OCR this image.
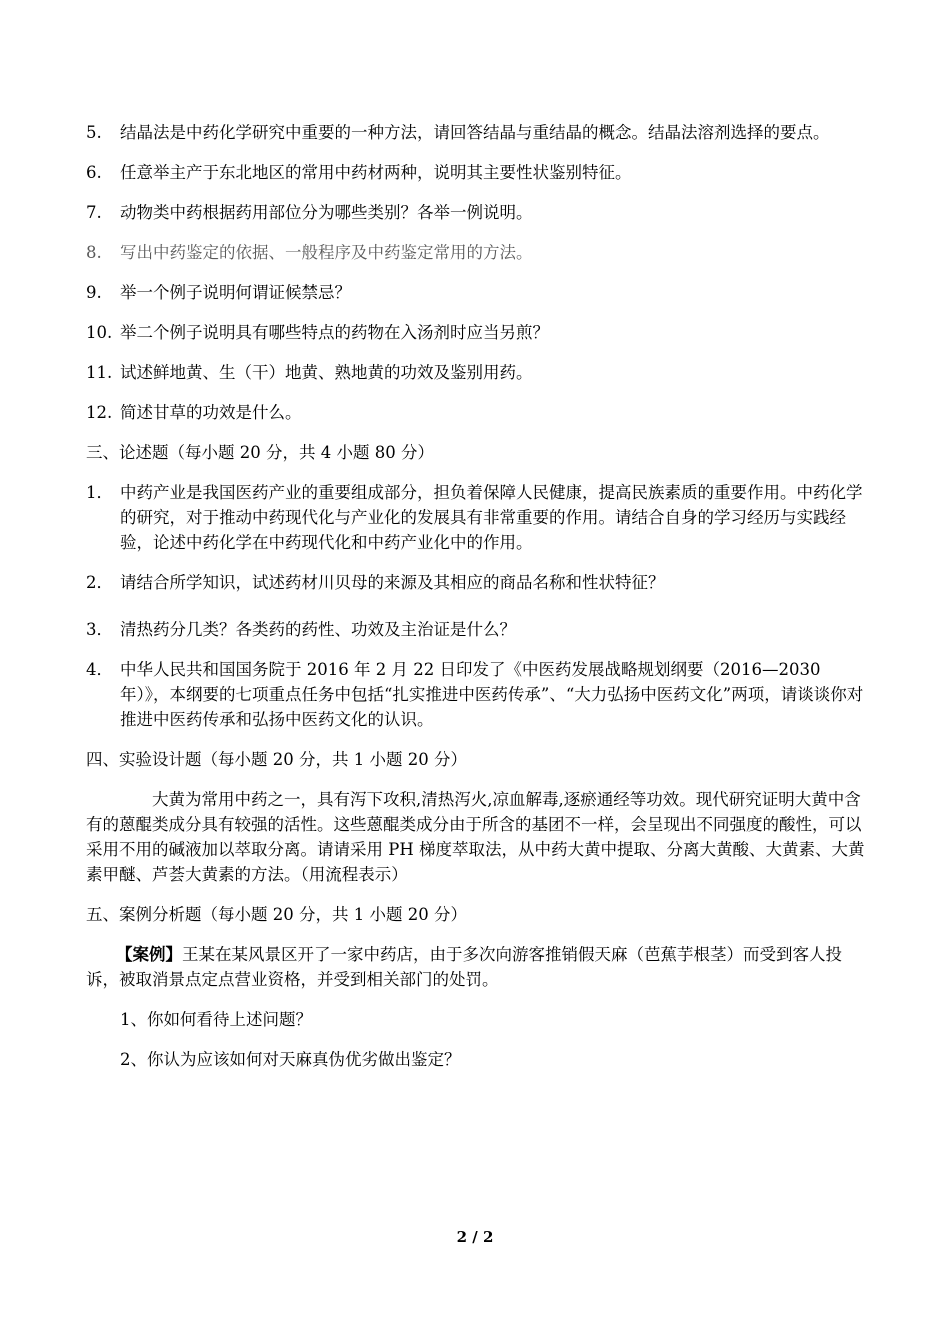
5. 结晶法是中药化学研究中重要的一种方法，请回答结晶与重结晶的概念。结晶法溶剂选择的要点。

6. 任意举主产于东北地区的常用中药材两种，说明其主要性状鉴别特征。

7. 动物类中药根据药用部位分为哪些类别？各举一例说明。

8. 写出中药鉴定的依据、一般程序及中药鉴定常用的方法。

9. 举一个例子说明何谓证候禁忌？

10. 举二个例子说明具有哪些特点的药物在入汤剂时应当另煎？

11. 试述鲜地黄、生（干）地黄、熟地黄的功效及鉴别用药。

12. 简述甘草的功效是什么。

三、论述题（每小题 20 分，共 4 小题 80 分）

1． 中药产业是我国医药产业的重要组成部分，担负着保障人民健康，提高民族素质的重要作用。中药化学的研究，对于推动中药现代化与产业化的发展具有非常重要的作用。请结合自身的学习经历与实践经验，论述中药化学在中药现代化和中药产业化中的作用。

2． 请结合所学知识，试述药材川贝母的来源及其相应的商品名称和性状特征？

3． 清热药分几类？各类药的药性、功效及主治证是什么？

4． 中华人民共和国国务院于 2016 年 2 月 22 日印发了《中医药发展战略规划纲要（2016—2030 年）》，本纲要的七项重点任务中包括“扎实推进中医药传承”、“大力弘扬中医药文化”两项，请谈谈你对推进中医药传承和弘扬中医药文化的认识。

四、实验设计题（每小题 20 分，共 1 小题 20 分）

大黄为常用中药之一，具有泻下攻积,清热泻火,凉血解毒,逐瘀通经等功效。现代研究证明大黄中含有的蒽醌类成分具有较强的活性。这些蒽醌类成分由于所含的基团不一样，会呈现出不同强度的酸性，可以采用不用的碱液加以萃取分离。请请采用 PH 梯度萃取法，从中药大黄中提取、分离大黄酸、大黄素、大黄素甲醚、芦荟大黄素的方法。（用流程表示）

五、案例分析题（每小题 20 分，共 1 小题 20 分）

【案例】王某在某风景区开了一家中药店，由于多次向游客推销假天麻（芭蕉芋根茎）而受到客人投诉，被取消景点定点营业资格，并受到相关部门的处罚。

1、你如何看待上述问题？

2、你认为应该如何对天麻真伪优劣做出鉴定？

2 / 2
